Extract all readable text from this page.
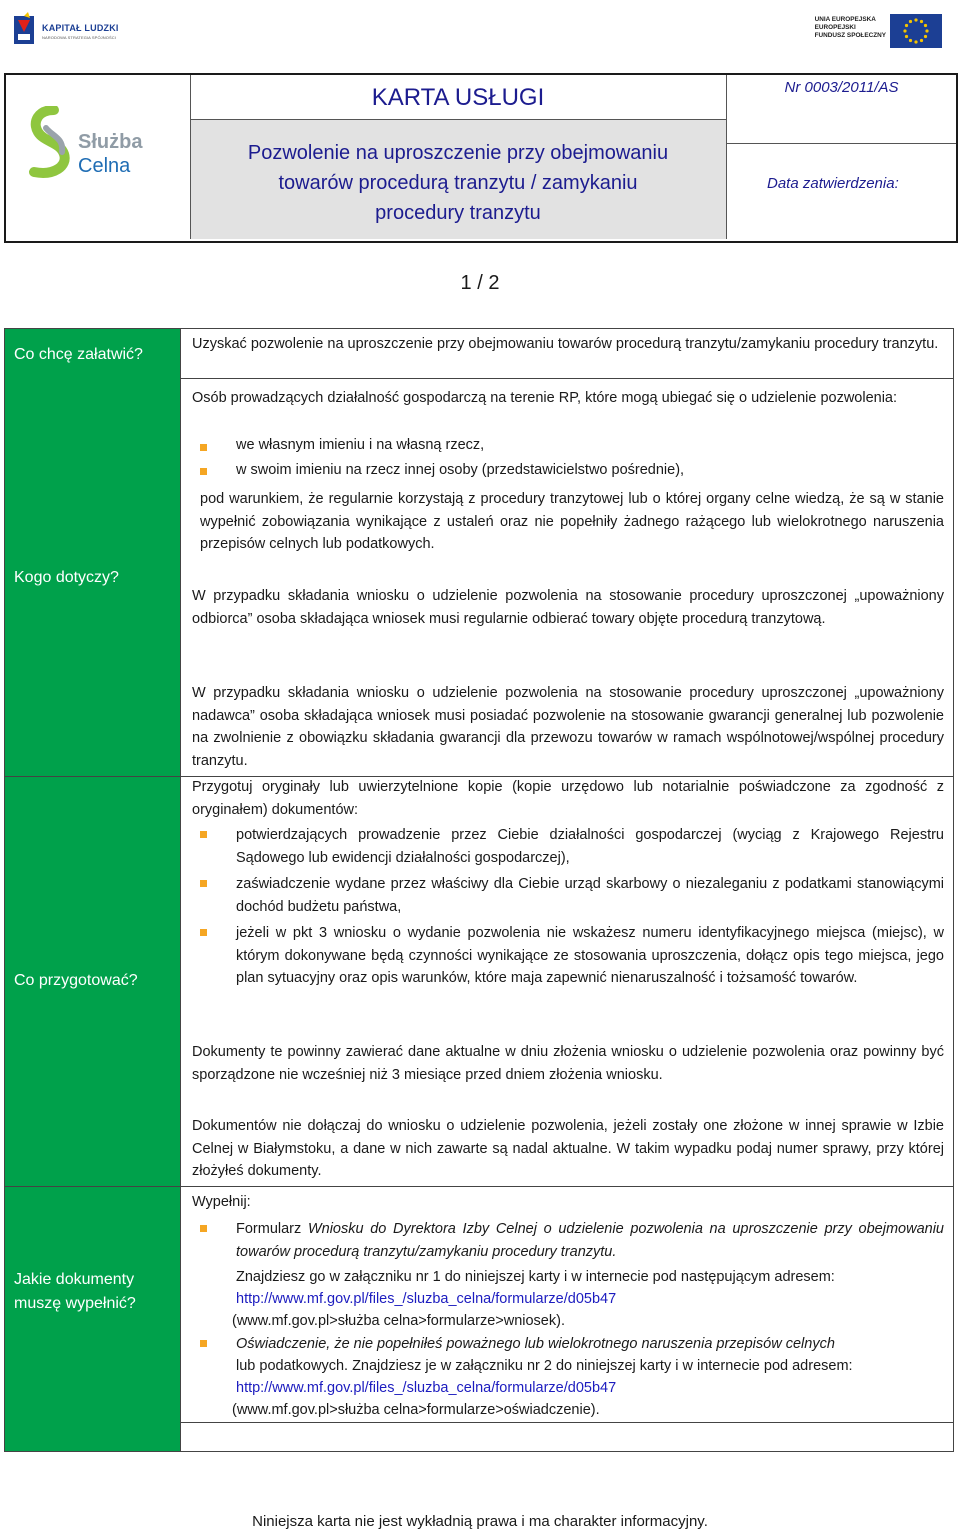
KAPITAŁ LUDZKI
NARODOWA STRATEGIA SPÓJNOŚCI
UNIA EUROPEJSKA
EUROPEJSKI
FUNDUSZ SPOŁECZNY
Pozwolenie na uproszczenie przy obejmowaniu
towarów procedurą tranzytu / zamykaniu
procedury tranzytu
KARTA USŁUGI	Nr 0003/2011/AS
Data zatwierdzenia:
Służba
Celna
1 / 2
Co chcę załatwić?
Kogo dotyczy?
Co przygotować?
Jakie dokumenty muszę wypełnić?
Uzyskać pozwolenie na uproszczenie przy obejmowaniu towarów procedurą tranzytu/zamykaniu procedury tranzytu.
Osób prowadzących działalność gospodarczą na terenie RP, które mogą ubiegać się o udzielenie pozwolenia:
we własnym imieniu i na własną rzecz,
w swoim imieniu na rzecz innej osoby (przedstawicielstwo pośrednie),
pod warunkiem, że regularnie korzystają z procedury tranzytowej lub o której organy celne wiedzą, że są w stanie wypełnić zobowiązania wynikające z ustaleń oraz nie popełniły żadnego rażącego lub wielokrotnego naruszenia przepisów celnych lub podatkowych.
W przypadku składania wniosku o udzielenie pozwolenia na stosowanie procedury uproszczonej „upoważniony odbiorca” osoba składająca wniosek musi regularnie odbierać towary objęte procedurą tranzytową.
W przypadku składania wniosku o udzielenie pozwolenia na stosowanie procedury uproszczonej „upoważniony nadawca” osoba składająca wniosek musi posiadać pozwolenie na stosowanie gwarancji generalnej lub pozwolenie na zwolnienie z obowiązku składania gwarancji dla przewozu towarów w ramach wspólnotowej/wspólnej procedury tranzytu.
Przygotuj oryginały lub uwierzytelnione kopie (kopie urzędowo lub notarialnie poświadczone za zgodność z oryginałem) dokumentów:
potwierdzających prowadzenie przez Ciebie działalności gospodarczej (wyciąg z Krajowego Rejestru Sądowego lub ewidencji działalności gospodarczej),
zaświadczenie wydane przez właściwy dla Ciebie urząd skarbowy o niezaleganiu z podatkami stanowiącymi dochód budżetu państwa,
jeżeli w pkt 3 wniosku o wydanie pozwolenia nie wskażesz numeru identyfikacyjnego miejsca (miejsc), w którym dokonywane będą czynności wynikające ze stosowania uproszczenia, dołącz opis tego miejsca, jego plan sytuacyjny oraz opis warunków, które maja zapewnić nienaruszalność i tożsamość towarów.
Dokumenty te powinny zawierać dane aktualne w dniu złożenia wniosku o udzielenie pozwolenia oraz powinny być sporządzone nie wcześniej niż 3 miesiące przed dniem złożenia wniosku.
Dokumentów nie dołączaj do wniosku o udzielenie pozwolenia, jeżeli zostały one złożone w innej sprawie w Izbie Celnej w Białymstoku, a dane w nich zawarte są nadal aktualne. W takim wypadku podaj numer sprawy, przy której złożyłeś dokumenty.
Wypełnij:
Formularz Wniosku do Dyrektora Izby Celnej o udzielenie pozwolenia na uproszczenie przy obejmowaniu towarów procedurą tranzytu/zamykaniu procedury tranzytu.
Znajdziesz go w załączniku nr 1 do niniejszej karty i w internecie pod następującym adresem:
http://www.mf.gov.pl/files_/sluzba_celna/formularze/d05b47
(www.mf.gov.pl>służba celna>formularze>wniosek).
Oświadczenie, że nie popełniłeś poważnego lub wielokrotnego naruszenia przepisów celnych
lub podatkowych. Znajdziesz je w załączniku nr 2 do niniejszej karty i w internecie pod adresem:
http://www.mf.gov.pl/files_/sluzba_celna/formularze/d05b47
(www.mf.gov.pl>służba celna>formularze>oświadczenie).
Niniejsza karta nie jest wykładnią prawa i ma charakter informacyjny.
